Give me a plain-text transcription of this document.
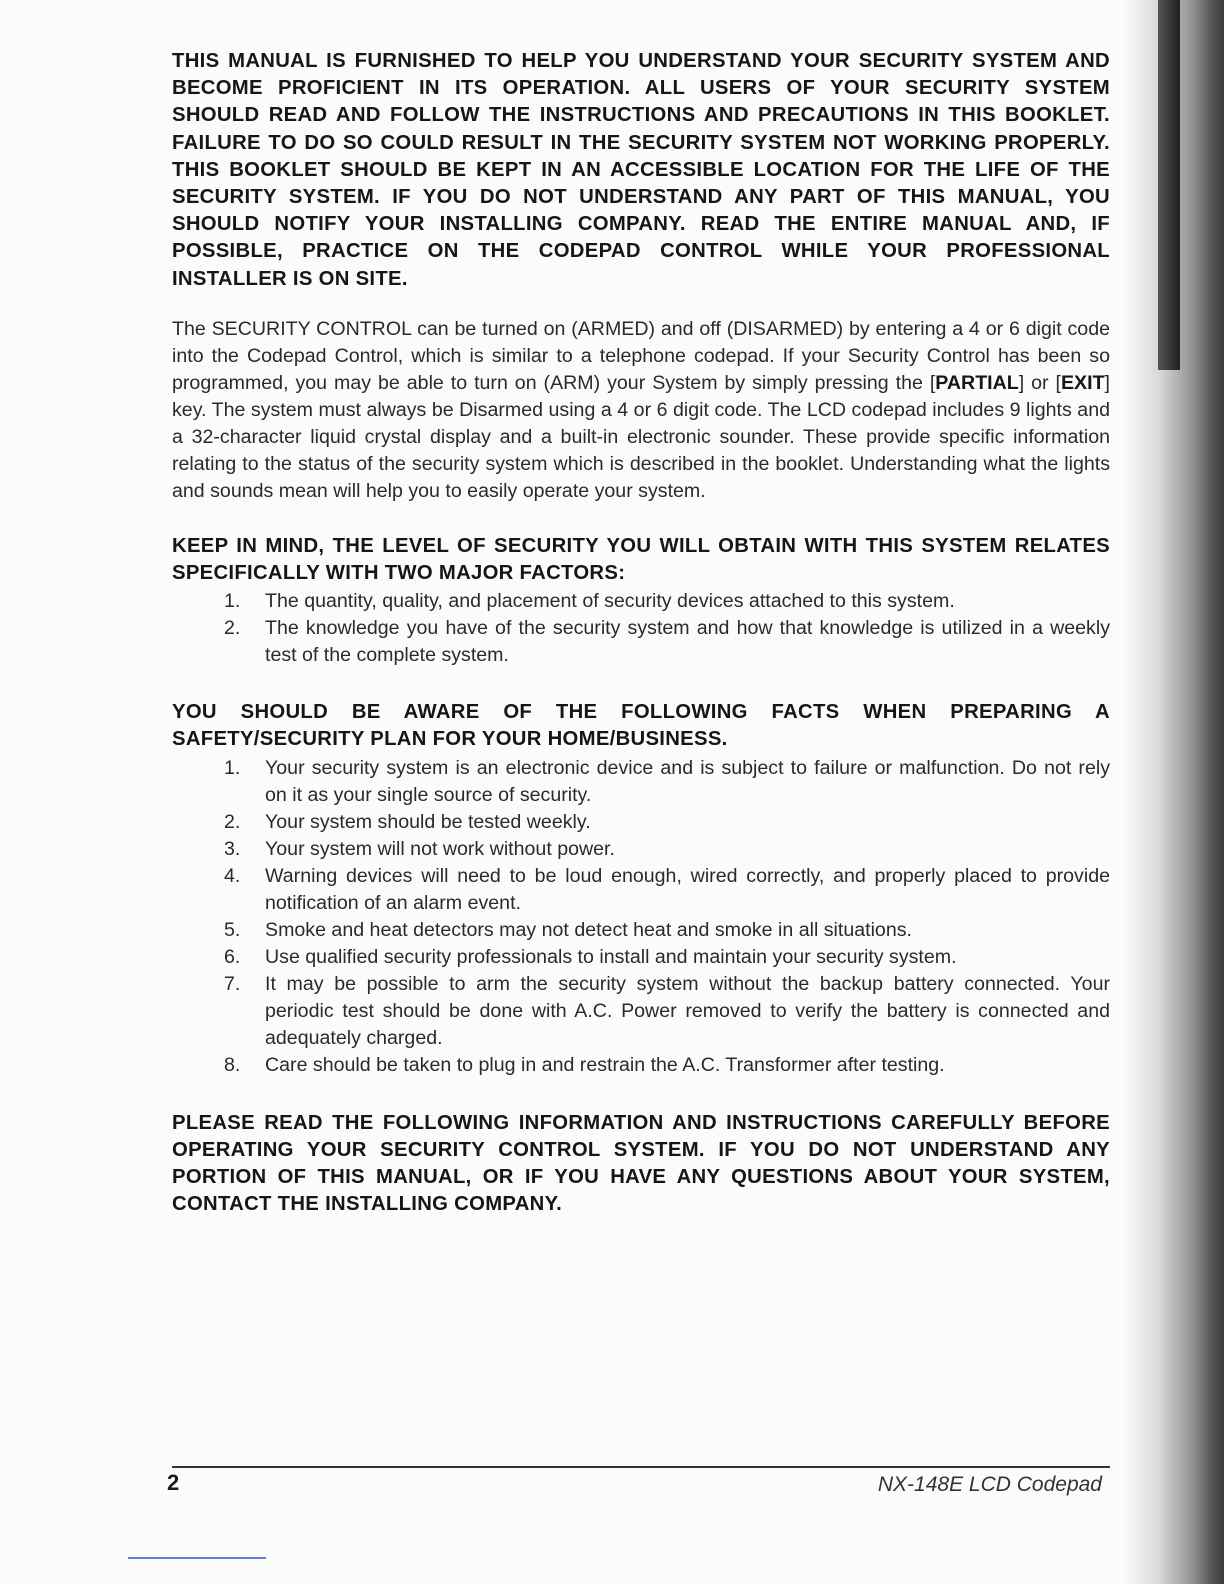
THIS MANUAL IS FURNISHED TO HELP YOU UNDERSTAND YOUR SECURITY SYSTEM AND BECOME PROFICIENT IN ITS OPERATION. ALL USERS OF YOUR SECURITY SYSTEM SHOULD READ AND FOLLOW THE INSTRUCTIONS AND PRECAUTIONS IN THIS BOOKLET. FAILURE TO DO SO COULD RESULT IN THE SECURITY SYSTEM NOT WORKING PROPERLY. THIS BOOKLET SHOULD BE KEPT IN AN ACCESSIBLE LOCATION FOR THE LIFE OF THE SECURITY SYSTEM. IF YOU DO NOT UNDERSTAND ANY PART OF THIS MANUAL, YOU SHOULD NOTIFY YOUR INSTALLING COMPANY. READ THE ENTIRE MANUAL AND, IF POSSIBLE, PRACTICE ON THE CODEPAD CONTROL WHILE YOUR PROFESSIONAL INSTALLER IS ON SITE.

The SECURITY CONTROL can be turned on (ARMED) and off (DISARMED) by entering a 4 or 6 digit code into the Codepad Control, which is similar to a telephone codepad. If your Security Control has been so programmed, you may be able to turn on (ARM) your System by simply pressing the [PARTIAL] or [EXIT] key. The system must always be Disarmed using a 4 or 6 digit code. The LCD codepad includes 9 lights and a 32-character liquid crystal display and a built-in electronic sounder. These provide specific information relating to the status of the security system which is described in the booklet. Understanding what the lights and sounds mean will help you to easily operate your system.

KEEP IN MIND, THE LEVEL OF SECURITY YOU WILL OBTAIN WITH THIS SYSTEM RELATES SPECIFICALLY WITH TWO MAJOR FACTORS:

1. The quantity, quality, and placement of security devices attached to this system.
2. The knowledge you have of the security system and how that knowledge is utilized in a weekly test of the complete system.

YOU SHOULD BE AWARE OF THE FOLLOWING FACTS WHEN PREPARING A SAFETY/SECURITY PLAN FOR YOUR HOME/BUSINESS.

1. Your security system is an electronic device and is subject to failure or malfunction. Do not rely on it as your single source of security.
2. Your system should be tested weekly.
3. Your system will not work without power.
4. Warning devices will need to be loud enough, wired correctly, and properly placed to provide notification of an alarm event.
5. Smoke and heat detectors may not detect heat and smoke in all situations.
6. Use qualified security professionals to install and maintain your security system.
7. It may be possible to arm the security system without the backup battery connected. Your periodic test should be done with A.C. Power removed to verify the battery is connected and adequately charged.
8. Care should be taken to plug in and restrain the A.C. Transformer after testing.

PLEASE READ THE FOLLOWING INFORMATION AND INSTRUCTIONS CAREFULLY BEFORE OPERATING YOUR SECURITY CONTROL SYSTEM. IF YOU DO NOT UNDERSTAND ANY PORTION OF THIS MANUAL, OR IF YOU HAVE ANY QUESTIONS ABOUT YOUR SYSTEM, CONTACT THE INSTALLING COMPANY.

2	NX-148E LCD Codepad
